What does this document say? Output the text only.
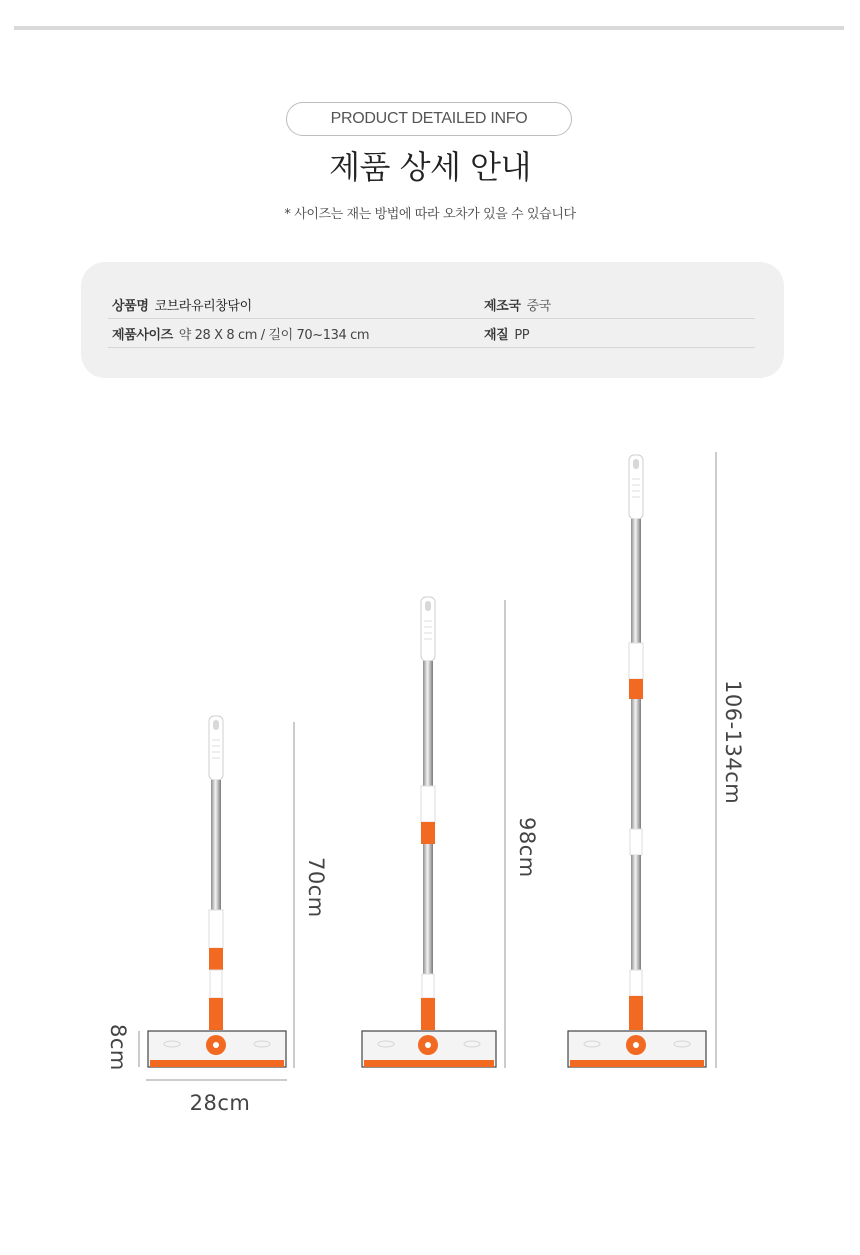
PRODUCT DETAILED INFO
제품 상세 안내
* 사이즈는 재는 방법에 따라 오차가 있을 수 있습니다
상품명 코브라유리창닦이	제조국 중국
제품사이즈 약 28 X 8 cm / 길이 70~134 cm	재질 PP
70cm
8cm
28cm
98cm
106-134cm
